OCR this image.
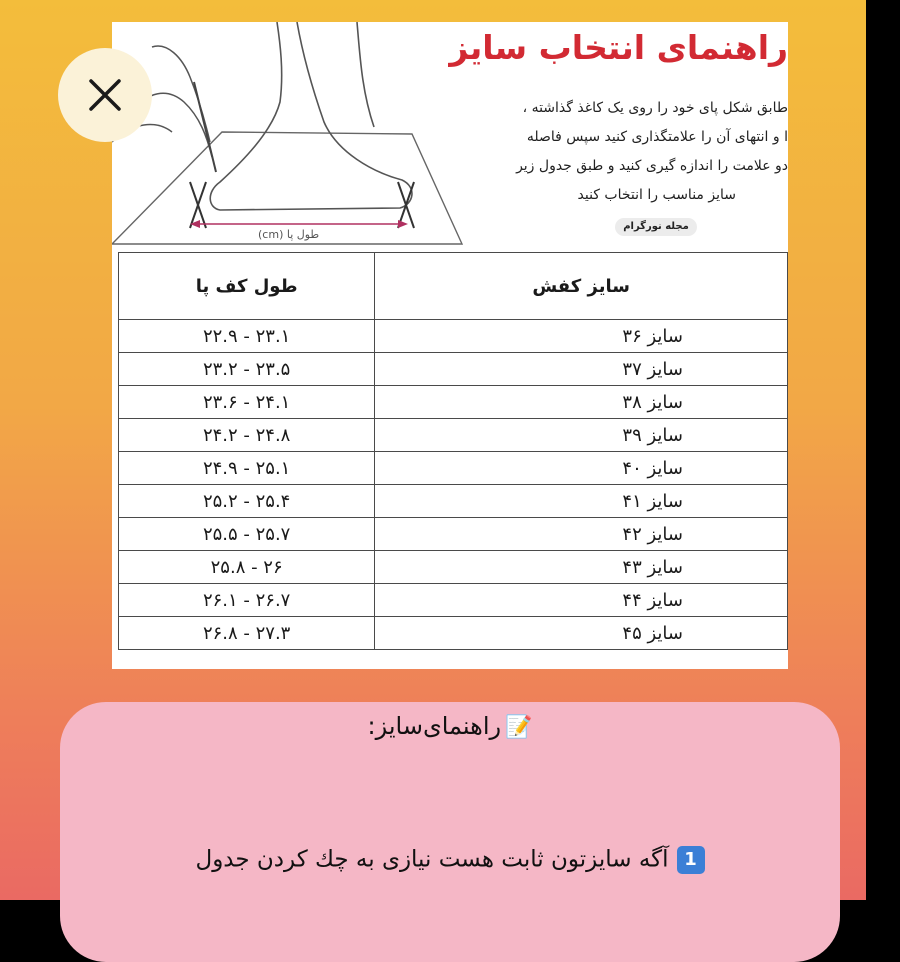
طول پا (cm)
راهنمای انتخاب سایز
طابق شکل پای خود را روی یک کاغذ گذاشته ،
ا و انتهای آن را علامتگذاری کنید سپس فاصله
دو علامت را اندازه گیری کنید و طبق جدول زیر
سایز مناسب را انتخاب کنید
مجله نورگرام
سایز کفش	طول کف پا
سایز ۳۶	۲۲.۹ - ۲۳.۱
سایز ۳۷	۲۳.۲ - ۲۳.۵
سایز ۳۸	۲۳.۶ - ۲۴.۱
سایز ۳۹	۲۴.۲ - ۲۴.۸
سایز ۴۰	۲۴.۹ - ۲۵.۱
سایز ۴۱	۲۵.۲ - ۲۵.۴
سایز ۴۲	۲۵.۵ - ۲۵.۷
سایز ۴۳	۲۵.۸ - ۲۶
سایز ۴۴	۲۶.۱ - ۲۶.۷
سایز ۴۵	۲۶.۸ - ۲۷.۳
📝راهنمای‌سایز:
1آگه سایزتون ثابت هست نیازی به چك كردن جدول
